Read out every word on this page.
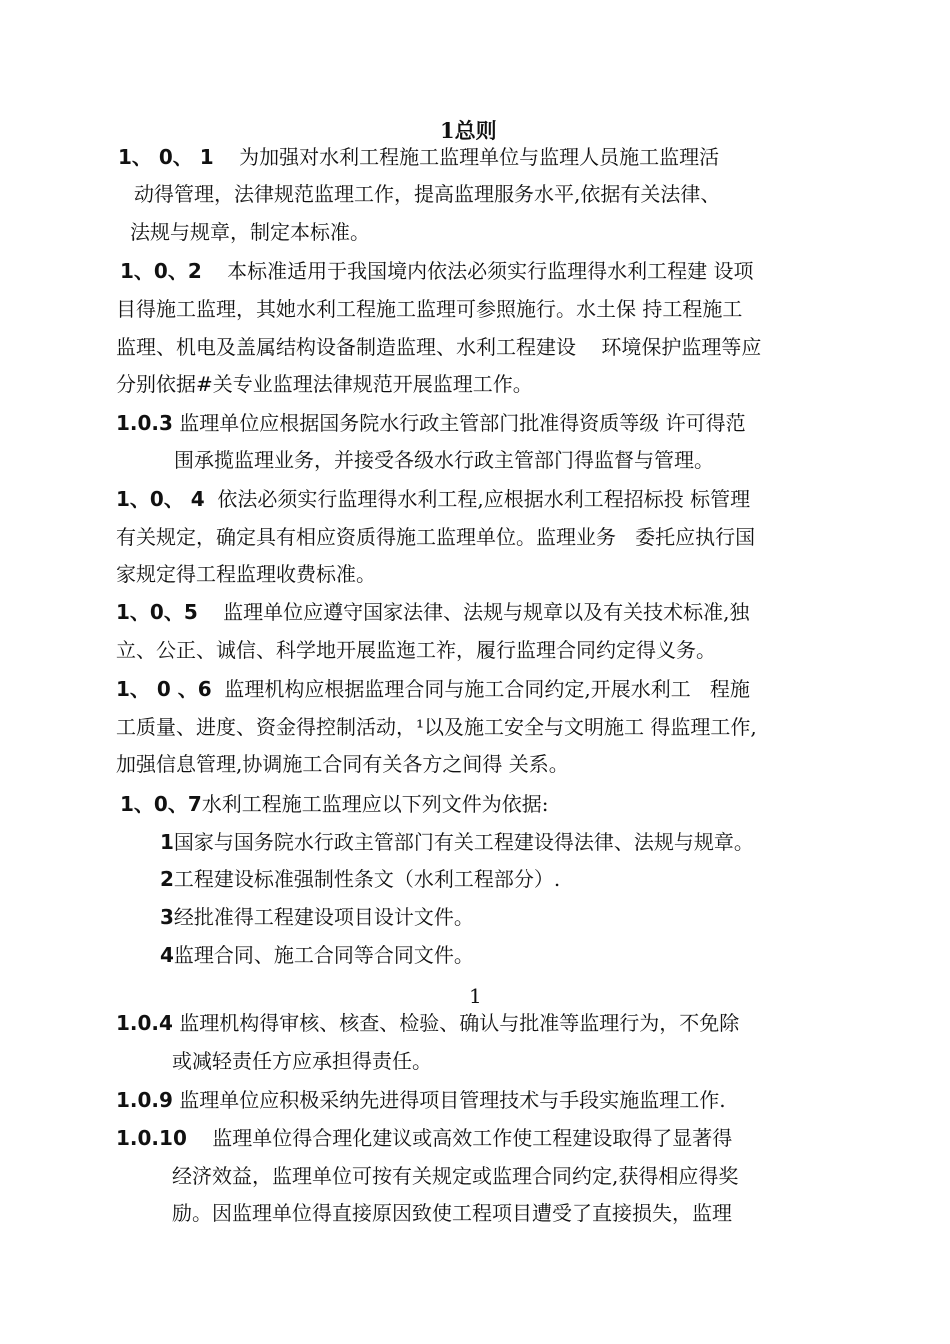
1总则
1、 0、 1    为加强对水利工程施工监理单位与监理人员施工监理活
动得管理，法律规范监理工作，提高监理服务水平,依据有关法律、
法规与规章，制定本标准。
1、0、2    本标准适用于我国境内依法必须实行监理得水利工程建 设项
目得施工监理，其她水利工程施工监理可参照施行。水土保 持工程施工
监理、机电及盖属结构设备制造监理、水利工程建设    环境保护监理等应
分别依据#关专业监理法律规范开展监理工作。
1.0.3 监理单位应根据国务院水行政主管部门批准得资质等级 许可得范
围承揽监理业务，并接受各级水行政主管部门得监督与管理。
1、0、 4  依法必须实行监理得水利工程,应根据水利工程招标投 标管理
有关规定，确定具有相应资质得施工监理单位。监理业务   委托应执行国
家规定得工程监理收费标准。
1、0、5    监理单位应遵守国家法律、法规与规章以及有关技术标准,独
立、公正、诚信、科学地开展监迤工祚，履行监理合同约定得义务。
1、 0 、6  监理机构应根据监理合同与施工合同约定,开展水利工   程施
工质量、进度、资金得控制活动，¹以及施工安全与文明施工 得监理工作,
加强信息管理,协调施工合同有关各方之间得 关系。
1、0、7水利工程施工监理应以下列文件为依据:
1国家与国务院水行政主管部门有关工程建设得法律、法规与规章。
2工程建设标准强制性条文（水利工程部分）.
3经批准得工程建设项目设计文件。
4监理合同、施工合同等合同文件。
1
1.0.4 监理机构得审核、核查、检验、确认与批准等监理行为，不免除
或减轻责任方应承担得责任。
1.0.9 监理单位应积极采纳先进得项目管理技术与手段实施监理工作.
1.0.10    监理单位得合理化建议或高效工作使工程建设取得了显著得
经济效益，监理单位可按有关规定或监理合同约定,获得相应得奖
励。因监理单位得直接原因致使工程项目遭受了直接损失，监理
